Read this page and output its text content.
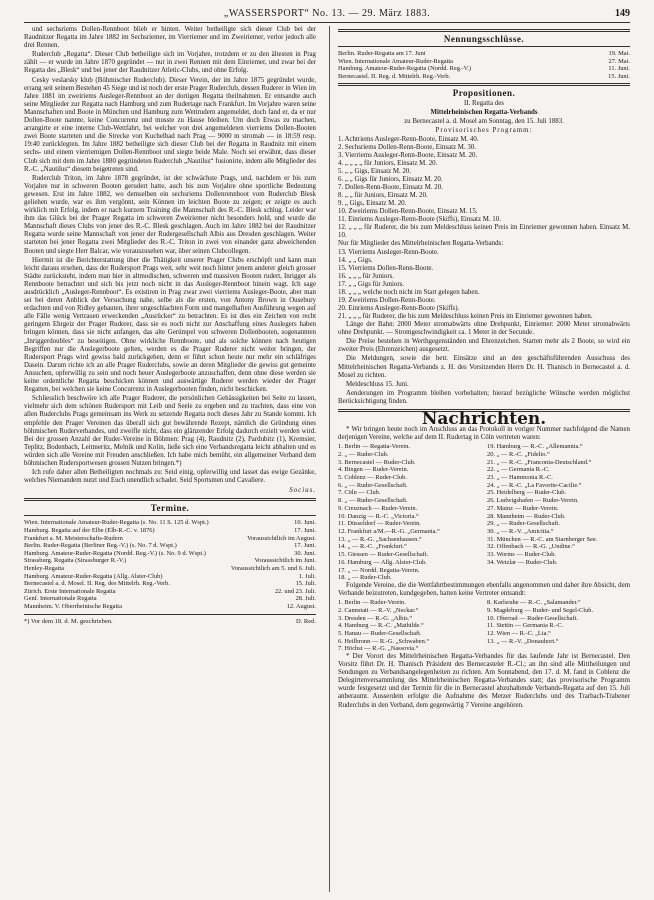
„WASSERSPORT“ No. 13. — 29. März 1883.	149

und sechsriems Dollen-Rennboot blieb er hinten. Weiter betheiligte sich dieser Club bei der Raudnitzer Regatta im Jahre 1882 im Sechsriemer, im Vierriemer und im Zweiriemer, verlor jedoch alle drei Rennen.

Ruderclub „Regatta“. Dieser Club betheiligte sich im Vorjahre, trotzdem er zu den ältesten in Prag zählt — er wurde im Jahre 1870 gegründet — nur in zwei Rennen mit dem Einriemer, und zwar bei der Regatta des „Blesk“ und bei jener der Raudnitzer Atletic-Clubs, und ohne Erfolg.

Cesky veslarsky klub (Böhmischer Ruderclub). Dieser Verein, der im Jahre 1875 gegründet wurde, errang seit seinem Bestehen 45 Siege und ist noch der erste Prager Ruderclub, dessen Ruderer in Wien im Jahre 1881 im zweiriems Ausleger-Rennboot an der dortigen Regatta theilnahmen. Er entsandte auch seine Mitglieder zur Regatta nach Hamburg und zum Rudertage nach Frankfurt. Im Vorjahre waren seine Mannschaften und Boote in München und Hamburg zum Wettrudern angemeldet, doch fand er, da er nur Dollen-Boote nannte, keine Concurrenz und musste zu Hause bleiben. Um doch Etwas zu machen, arrangirte er eine interne Club-Wettfahrt, bei welcher von drei angemeldeten vierriems Dollen-Booten zwei Boote starteten und die Strecke von Kuchelbad nach Prag — 9000 m stromab — in 18:59 resp. 19:40 zurücklegten. Im Jahre 1882 betheiligte sich dieser Club bei der Regatta in Raudnitz mit einem sechs- und einem vierriemigen Dollen-Rennboot und siegte beide Male. Noch sei erwähnt, dass dieser Club sich mit dem im Jahre 1880 gegründeten Ruderclub „Nautilus“ fusionirte, indem alle Mitglieder des R.-C. „Nautilus“ diesem beigetreten sind.

Ruderclub Triton, im Jahre 1878 gegründet, ist der schwächste Prags, und, nachdem er bis zum Vorjahre nur in schweren Booten gerudert hatte, auch bis zum Vorjahre ohne sportliche Bedeutung gewesen. Erst im Jahre 1882, wo demselben ein sechsriems Dollenrennboot vom Ruderclub Blesk geliehen wurde, war es ihm vergönnt, sein Können im leichten Boote zu zeigen; er zeigte es auch wirklich mit Erfolg, indem er nach kurzem Training die Mannschaft des R.-C. Blesk schlug. Leider war ihm das Glück bei der Prager Regatta im schweren Zweiriemer nicht besonders hold, und wurde die Mannschaft dieses Clubs von jener des R.-C. Blesk geschlagen. Auch im Jahre 1882 bei der Raudnitzer Regatta wurde seine Mannschaft von jener der Rudergesellschaft Albis aus Dresden geschlagen. Weiter starteten bei jener Regatta zwei Mitglieder des R.-C. Triton in zwei von einander ganz abweichenden Booten und siegte Herr Balcar, wie vorauszusehen war, über seinen Clubcollegen.

Hiermit ist die Berichterstattung über die Thätigkeit unserer Prager Clubs erschöpft und kann man leicht daraus ersehen, dass der Rudersport Prags weit, sehr weit noch hinter jenem anderer gleich grosser Städte zurücksteht, indem man hier in altmodischen, schweren und massiven Booten rudert, Inrigger als Rennboote betrachtet und sich bis jetzt noch nicht in das Ausleger-Rennboot hinein wagt. Ich sage ausdrücklich „Ausleger-Rennboot“. Es existiren in Prag zwar zwei vierriems Ausleger-Boote, aber man sei bei deren Anblick der Versuchung nahe, selbe als die ersten, von Antony Brown in Ousebury erdachten und von Ridley gebauten, ihrer ungeschlachten Form und mangelhaften Ausführung wegen auf alle Fälle wenig Vertrauen erweckenden „Ausrücker“ zu betrachten. Es ist dies ein Zeichen von recht geringem Ehrgeiz der Prager Ruderer, dass sie es noch nicht zur Anschaffung eines Auslegers haben bringen können, dass sie nicht anfangen, das alte Gerümpel von schweren Dollenbooten, sogenannten „Inriggerdoubles“ zu beseitigen. Ohne wirkliche Rennboote, und als solche können nach heutigen Begriffen nur die Auslegerboote gelten, werden es die Prager Ruderer nicht weiter bringen, der Rudersport Prags wird gewiss bald zurückgehen, denn er führt schon heute nur mehr ein schläfriges Dasein. Darum richte ich an alle Prager Ruderclubs, sowie an deren Mitglieder die gewiss gut gemeinte Ansuchen, opferwillig zu sein und noch heuer Auslegerboote anzuschaffen, denn ohne diese werden sie keine ordentliche Regatta beschicken können und auswärtige Ruderer werden wieder der Prager Regatten, bei welchen sie keine Concurrenz in Auslegerbooten finden, nicht beschicken.

Schliesslich beschwöre ich alle Prager Ruderer, die persönlichen Gehässigkeiten bei Seite zu lassen, vielmehr sich dem schönen Rudersport mit Leib und Seele zu ergeben und zu trachten, dass eine von allen Ruderclubs Prags gemeinsam ins Werk zu setzende Regatta noch dieses Jahr zu Stande kommt. Ich empfehle den Prager Vereinen das überall sich gut bewährende Rezept, nämlich die Gründung eines böhmischen Ruderverbandes, und zweifle nicht, dass ein glänzender Erfolg dadurch erzielt werden wird. Bei der grossen Anzahl der Ruder-Vereine in Böhmen: Prag (4), Raudnitz (2), Pardubitz (1), Kremsier, Teplitz, Bodenbach, Leitmeritz, Melnik und Kolin, ließe sich eine Verbandsregatta leicht abhalten und es würden sich alle Vereine mit Freuden anschließen. Ich habe mich bemüht, ein allgemeiner Verband dem böhmischen Rudersportwesen grossen Nutzen bringen.*)

Ich rufe daher allen Betheiligten nochmals zu: Seid einig, opferwillig und lasset das ewige Gezänke, welches Niemandem nutzt und Euch unendlich schadet. Seid Sportsmen und Cavaliere.

Socius.
Termine.
Wien. Internationale Amateur-Ruder-Regatta (s. No. 11 S. 125 d. Wspt.)	10. Juni.
Hamburg. Regatta auf der Elbe (Elb-R.-C. v. 1876)	17. Juni.
Frankfurt a. M. Meisterschafts-Rudern	Voraussichtlich im August.
Berlin. Ruder-Regatta (Berliner Reg.-V.) (s. No. 7 d. Wspt.)	17. Juni.
Hamburg. Amateur-Ruder-Regatta (Nordd. Reg.-V.) (s. No. 9 d. Wspt.)	30. Juni.
Strassburg. Regatta (Strassburger R.-V.)	Voraussichtlich im Juni.
Henley-Regatta	Voraussichtlich am 5. und 6. Juli.
Hamburg. Amateur-Ruder-Regatta (Allg. Alster-Club)	1. Juli.
Bernecastel a. d. Mosel. II. Reg. des Mittelrh. Reg.-Verb.	15. Juli.
Zürich. Erste Internationale Regatta	22. und 23. Juli.
Genf. Internationale Regatta	28. Juli.
Mannheim. V. Oberrheinische Regatta	12. August.
*) Vor dem 18. d. M. geschrieben.	D. Red.
Nennungsschlüsse.
Berlin. Ruder-Regatta am 17. Juni	19. Mai.
Wien. Internationale Amateur-Ruder-Regatta	27. Mai.
Hamburg. Amateur-Ruder-Regatta (Nordd. Reg.-V.)	11. Juni.
Bernecastel. II. Reg. d. Mittelrh. Reg.-Verb.	15. Juni.
Propositionen.

II. Regatta des

Mittelrheinischen Regatta-Verbands

zu Bernecastel a. d. Mosel am Sonntag, den 15. Juli 1883.

Provisorisches Programm:

1. Achtriems Ausleger-Renn-Boote, Einsatz M. 40.
2. Sechsriems Dollen-Renn-Boote, Einsatz M. 30.
3. Vierriems Ausleger-Renn-Boote, Einsatz M. 20.
4. „ „ „ „ für Juniors, Einsatz M. 20.
5. „ „ Gigs, Einsatz M. 20.
6. „ „ Gigs für Juniors, Einsatz M. 20.
7. Dollen-Renn-Boote, Einsatz M. 20.
8. „ „ für Juniors, Einsatz M. 20.
9. „ Gigs, Einsatz M. 20.
10. Zweiriems Dollen-Renn-Boote, Einsatz M. 15.
11. Einriems Ausleger-Renn-Boote (Skiffs), Einsatz M. 10.
12. „ „ „ für Ruderer, die bis zum Meldeschluss keinen Preis im Einriemer gewonnen haben. Einsatz M. 10.

Nur für Mitglieder des Mittelrheinischen Regatta-Verbands:

13. Vierriems Ausleger-Renn-Boote.
14. „ „ Gigs.
15. Vierriems Dollen-Renn-Boote.
16. „ „ „ für Juniors.
17. „ „ Gigs für Juniors.
18. „ „ „ welche noch nicht im Start gelegen haben.
19. Zweiriems Dollen-Renn-Boote.
20. Einriems Ausleger-Renn-Boote (Skiffs).
21. „ „ „ für Ruderer, die bis zum Meldeschluss keinen Preis im Einriemer gewonnen haben.

Länge der Bahn: 2000 Meter stromabwärts ohne Drehpunkt, Einriemer: 2000 Meter stromabwärts ohne Drehpunkt. — Stromgeschwindigkeit ca. 1 Meter in der Secunde.

Die Preise bestehen in Werthgegenständen und Ehrenzeichen. Starten mehr als 2 Boote, so wird ein zweiter Preis (Ehrenzeichen) ausgesetzt.

Die Meldungen, sowie die betr. Einsätze sind an den geschäftsführenden Ausschuss des Mittelrheinischen Regatta-Verbands z. H. des Vorsitzenden Herrn Dr. H. Thanisch in Bernecastel a. d. Mosel zu richten.

Meldeschluss 15. Juni.

Aenderungen im Programm bleiben vorbehalten; hierauf bezügliche Wünsche werden möglichst Berücksichtigung finden.

Nachrichten.

* Wir bringen heute noch im Anschluss an das Protokoll in voriger Nummer nachfolgend die Namen derjenigen Vereine, welche auf dem II. Rudertag in Cöln vertreten waren:

1. Berlin — Regatta-Verein.
2. „ — Ruder-Club.
3. Bernecastel — Ruder-Club.
4. Bingen — Ruder-Verein.
5. Coblenz — Ruder-Club.
6. „ — Ruder-Gesellschaft.
7. Cöln — Club.
8. „ — Ruder-Gesellschaft.
9. Creuznach — Ruder-Verein.
10. Danzig — R.-C. „Victoria.“
11. Düsseldorf — Ruder-Verein.
12. Frankfurt a/M.—R.-G. „Germania.“
13. „ — R.-G. „Sachsenhausen.“
14. „ — R.-C. „Frankfurt.“
15. Giessen — Ruder-Gesellschaft.
16. Hamburg — Allg. Alster-Club.
17. „ — Nordd. Regatta-Verein.
18. „ — Ruder-Club.
19. Hamburg — R.-C. „Allemannia.“
20. „ — R.-C. „Fidelio.“
21. „ — R.-C. „Franconia-Deutschland.“
22. „ — Germania R.-C.
23. „ — Hammonia R.-C.
24. „ — R.-C. „La Favorite-Cacilie.“
25. Heidelberg — Ruder-Club.
26. Ludwigshafen — Ruder-Verein.
27. Mainz — Ruder-Verein.
28. Mannheim — Ruder-Club.
29. „ — Ruder-Gesellschaft.
30. „ — R.-V. „Amicitia.“
31. München — R.-C. am Starnberger See.
32. Offenbach — R.-G. „Undine.“
33. Worms — Ruder-Club.
34. Wetzlar — Ruder-Club.

Folgende Vereine, die die Wettfahrtbestimmungen ebenfalls angenommen und daher ihre Absicht, dem Verbande beizutreten, kundgegeben, hatten keine Vertreter entsandt:

1. Berlin — Ruder-Verein.
2. Cannstatt — R.-V. „Neckar.“
3. Dresden — R.-G. „Albis.“
4. Hamburg — R.-C. „Mathilde.“
5. Hanau — Ruder-Gesellschaft.
6. Heilbronn — R.-G. „Schwaben.“
7. Höchst — R.-G. „Nassovia.“
8. Karlsruhe — R.-C. „Salamander.“
9. Magdeburg — Ruder- und Segel-Club.
10. Oberrad — Ruder-Gesellschaft.
11. Stettin — Germania R.-C.
12. Wien — R.-C. „Lia.“
13. „ — R.-V. „Donauhort.“

* Der Vorort des Mittelrheinischen Regatta-Verbandes für das laufende Jahr ist Bernecastel. Den Vorsitz führt Dr. H. Thanisch Präsident des Bernecasteler R.-Cl.; an ihn sind alle Mittheilungen und Sendungen zu Verbandsangelegenheiten zu richten. Am Sonnabend, den 17. d. M. fand in Coblenz die Delegirtenversammlung des Mittelrheinischen Regatta-Verbandes statt; das provisorische Programm wurde festgesetzt und der Termin für die in Bernecastel abzuhaltende Verbands-Regatta auf den 15. Juli anberaumt. Ausserdem erfolgte die Aufnahme des Metzer Ruderclubs und des Trarbach-Trabener Ruderclubs in den Verband, dem gegenwärtig 7 Vereine angehören.
